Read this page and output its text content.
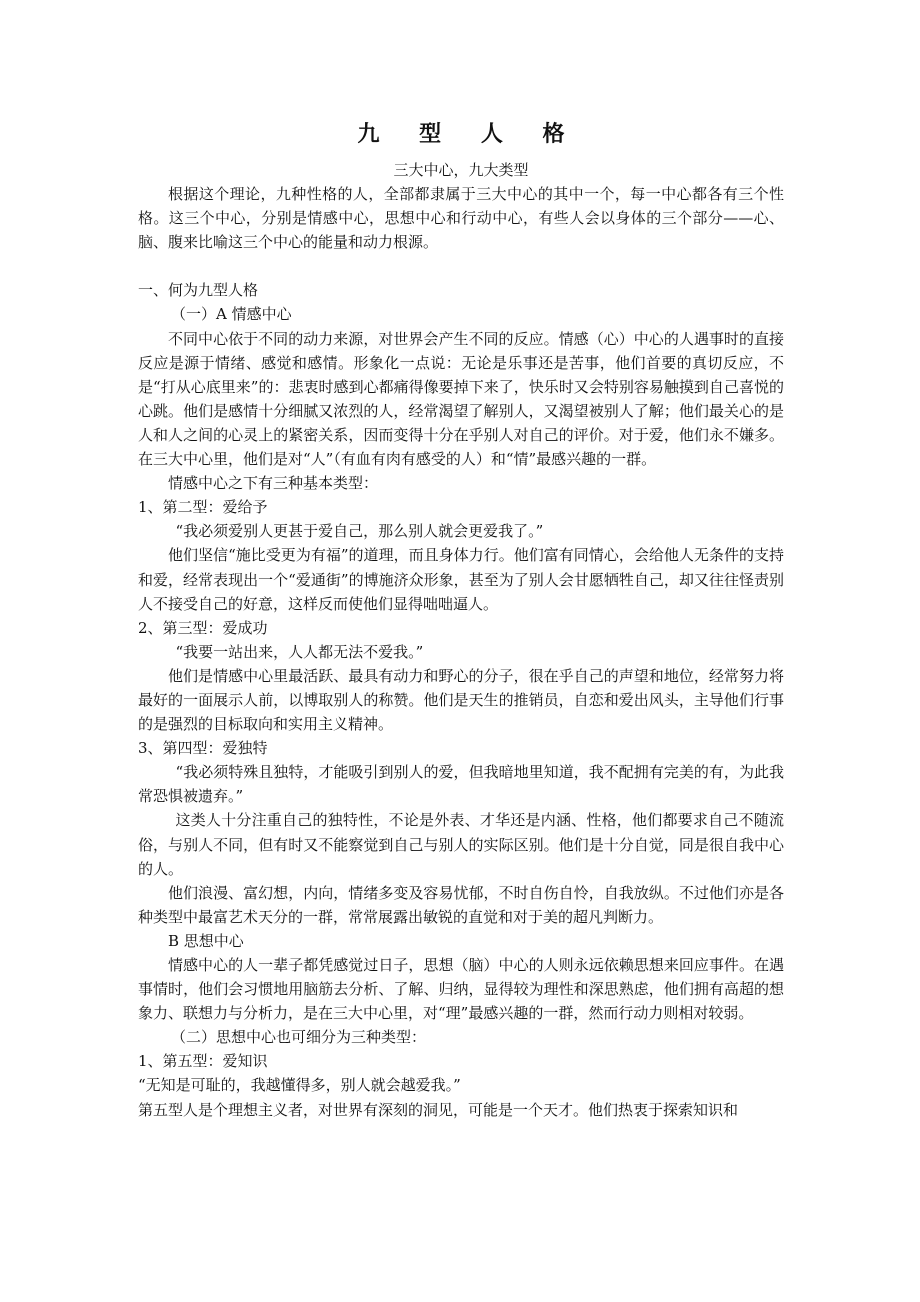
九 型 人 格

三大中心，九大类型

根据这个理论，九种性格的人，全部都隶属于三大中心的其中一个，每一中心都各有三个性格。这三个中心，分别是情感中心，思想中心和行动中心，有些人会以身体的三个部分——心、脑、腹来比喻这三个中心的能量和动力根源。

一、何为九型人格

（一）A 情感中心

不同中心依于不同的动力来源，对世界会产生不同的反应。情感（心）中心的人遇事时的直接反应是源于情绪、感觉和感情。形象化一点说：无论是乐事还是苦事，他们首要的真切反应，不是“打从心底里来”的：悲衷时感到心都痛得像要掉下来了，快乐时又会特别容易触摸到自己喜悦的心跳。他们是感情十分细腻又浓烈的人，经常渴望了解别人，又渴望被别人了解；他们最关心的是人和人之间的心灵上的紧密关系，因而变得十分在乎别人对自己的评价。对于爱，他们永不嫌多。在三大中心里，他们是对“人”（有血有肉有感受的人）和“情”最感兴趣的一群。

情感中心之下有三种基本类型：

1、第二型：爱给予

“我必须爱别人更甚于爱自己，那么别人就会更爱我了。”

他们坚信“施比受更为有福”的道理，而且身体力行。他们富有同情心，会给他人无条件的支持和爱，经常表现出一个“爱通街”的博施济众形象，甚至为了别人会甘愿牺牲自己，却又往往怪责别人不接受自己的好意，这样反而使他们显得咄咄逼人。

2、第三型：爱成功

“我要一站出来，人人都无法不爱我。”

他们是情感中心里最活跃、最具有动力和野心的分子，很在乎自己的声望和地位，经常努力将最好的一面展示人前，以博取别人的称赞。他们是天生的推销员，自恋和爱出风头，主导他们行事的是强烈的目标取向和实用主义精神。

3、第四型：爱独特

“我必须特殊且独特，才能吸引到别人的爱，但我暗地里知道，我不配拥有完美的有，为此我常恐惧被遗弃。”

这类人十分注重自己的独特性，不论是外表、才华还是内涵、性格，他们都要求自己不随流俗，与别人不同，但有时又不能察觉到自己与别人的实际区别。他们是十分自觉，同是很自我中心的人。

他们浪漫、富幻想，内向，情绪多变及容易忧郁，不时自伤自怜，自我放纵。不过他们亦是各种类型中最富艺术天分的一群，常常展露出敏锐的直觉和对于美的超凡判断力。

B 思想中心

情感中心的人一辈子都凭感觉过日子，思想（脑）中心的人则永远依赖思想来回应事件。在遇事情时，他们会习惯地用脑筋去分析、了解、归纳，显得较为理性和深思熟虑，他们拥有高超的想象力、联想力与分析力，是在三大中心里，对“理”最感兴趣的一群，然而行动力则相对较弱。

（二）思想中心也可细分为三种类型：

1、第五型：爱知识

“无知是可耻的，我越懂得多，别人就会越爱我。”

第五型人是个理想主义者，对世界有深刻的洞见，可能是一个天才。他们热衷于探索知识和
